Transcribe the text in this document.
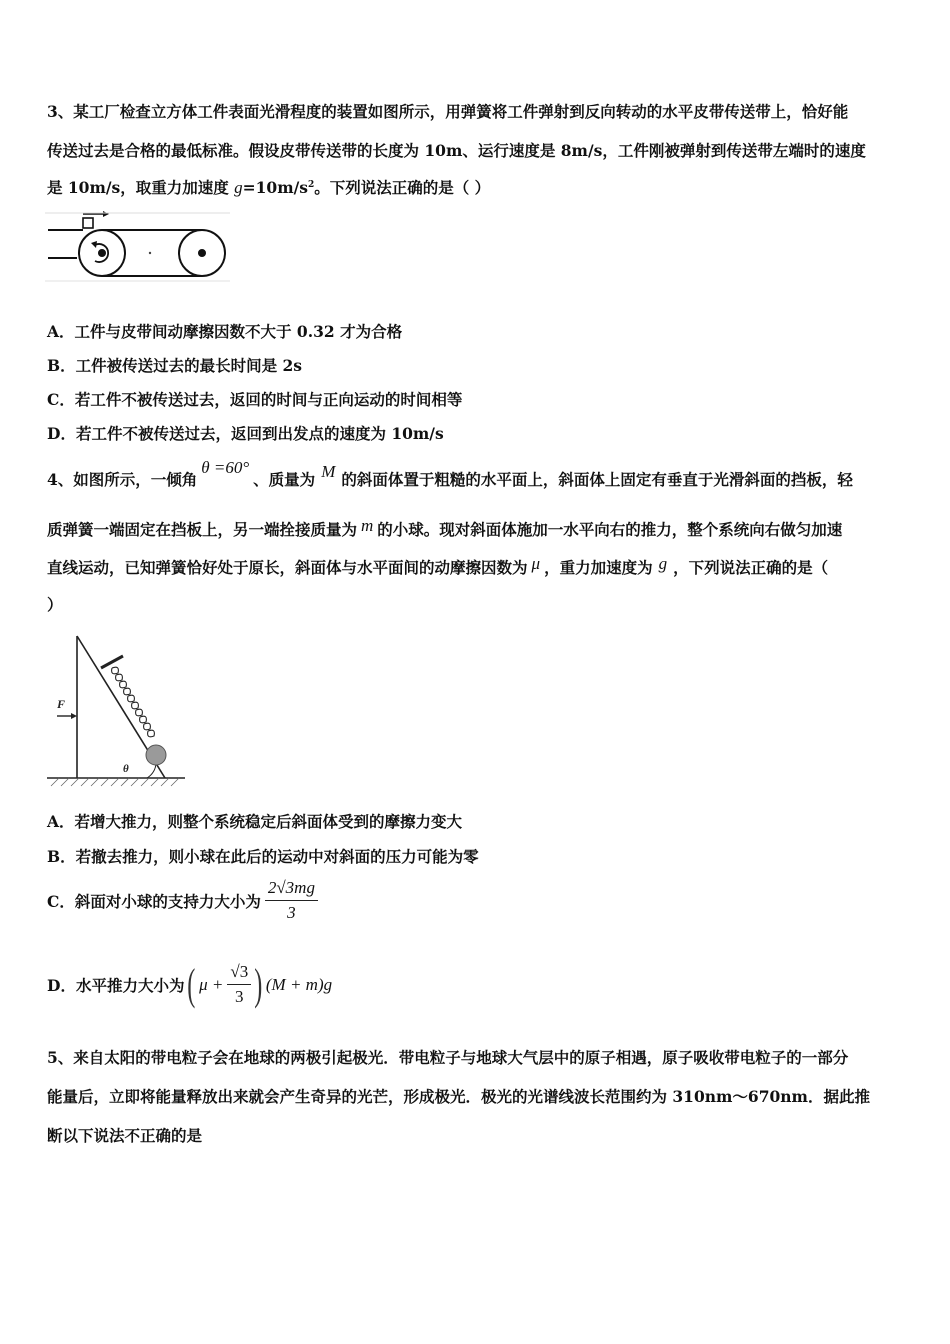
3、某工厂检查立方体工件表面光滑程度的装置如图所示，用弹簧将工件弹射到反向转动的水平皮带传送带上，恰好能
传送过去是合格的最低标准。假设皮带传送带的长度为 10m、运行速度是 8m/s，工件刚被弹射到传送带左端时的速度
是 10m/s，取重力加速度 $g=10m/s^2$。下列说法正确的是（ ）
A．工件与皮带间动摩擦因数不大于 0.32 才为合格
B．工件被传送过去的最长时间是 2s
C．若工件不被传送过去，返回的时间与正向运动的时间相等
D．若工件不被传送过去，返回到出发点的速度为 10m/s
4、如图所示，一倾角θ =60°、质量为 M 的斜面体置于粗糙的水平面上，斜面体上固定有垂直于光滑斜面的挡板，轻
质弹簧一端固定在挡板上，另一端拴接质量为 m 的小球。现对斜面体施加一水平向右的推力，整个系统向右做匀加速
直线运动，已知弹簧恰好处于原长，斜面体与水平面间的动摩擦因数为 μ ，重力加速度为 g ，下列说法正确的是（
）
F
θ
A．若增大推力，则整个系统稳定后斜面体受到的摩擦力变大
B．若撤去推力，则小球在此后的运动中对斜面的压力可能为零
C．斜面对小球的支持力大小为 $\frac{2√3mg}{3}$
D．水平推力大小为 ( $\mu + \frac{√3}{3}$ ) (M + m)g
5、来自太阳的带电粒子会在地球的两极引起极光．带电粒子与地球大气层中的原子相遇，原子吸收带电粒子的一部分
能量后，立即将能量释放出来就会产生奇异的光芒，形成极光．极光的光谱线波长范围约为 310nm～670nm．据此推
断以下说法不正确的是
